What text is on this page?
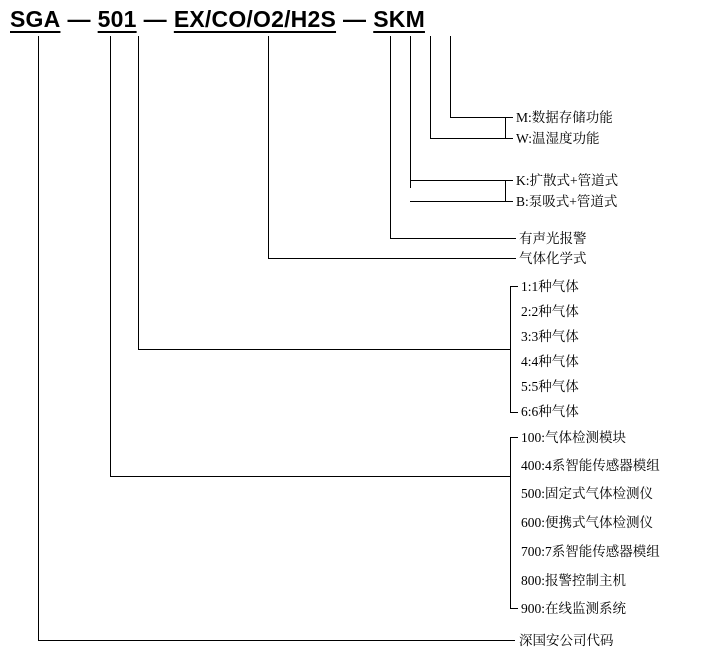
SGA — 501 — EX/CO/O2/H2S — SKM
M:数据存储功能
W:温湿度功能
K:扩散式+管道式
B:泵吸式+管道式
有声光报警
气体化学式
1:1种气体
2:2种气体
3:3种气体
4:4种气体
5:5种气体
6:6种气体
100:气体检测模块
400:4系智能传感器模组
500:固定式气体检测仪
600:便携式气体检测仪
700:7系智能传感器模组
800:报警控制主机
900:在线监测系统
深国安公司代码
